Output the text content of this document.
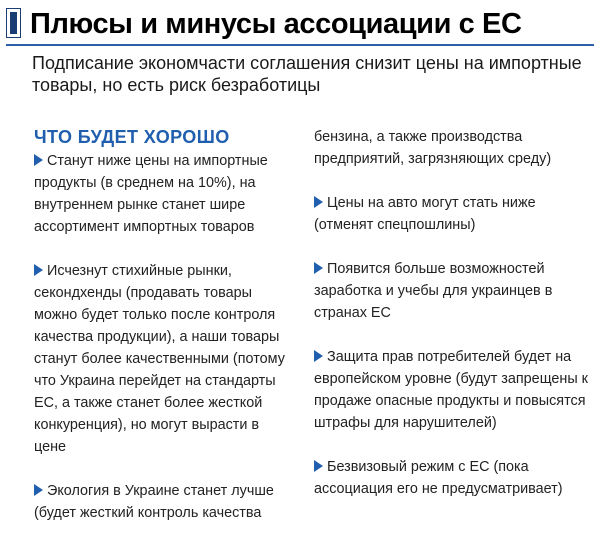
Плюсы и минусы ассоциации с ЕС
Подписание экономчасти соглашения снизит цены на импортные товары, но есть риск безработицы
ЧТО БУДЕТ ХОРОШО
Станут ниже цены на импортные продукты (в среднем на 10%), на внутреннем рынке станет шире ассортимент импортных товаров
Исчезнут стихийные рынки, секондхенды (продавать товары можно будет только после контроля качества продукции), а наши товары станут более качественными (потому что Украина перейдет на стандарты ЕС, а также станет более жесткой конкуренция), но могут вырасти в цене
Экология в Украине станет лучше (будет жесткий контроль качества
бензина, а также производства предприятий, загрязняющих среду)
Цены на авто могут стать ниже (отменят спецпошлины)
Появится больше возможностей заработка и учебы для украинцев в странах ЕС
Защита прав потребителей будет на европейском уровне (будут запрещены к продаже опасные продукты и повысятся штрафы для нарушителей)
Безвизовый режим с ЕС (пока ассоциация его не предусматривает)
